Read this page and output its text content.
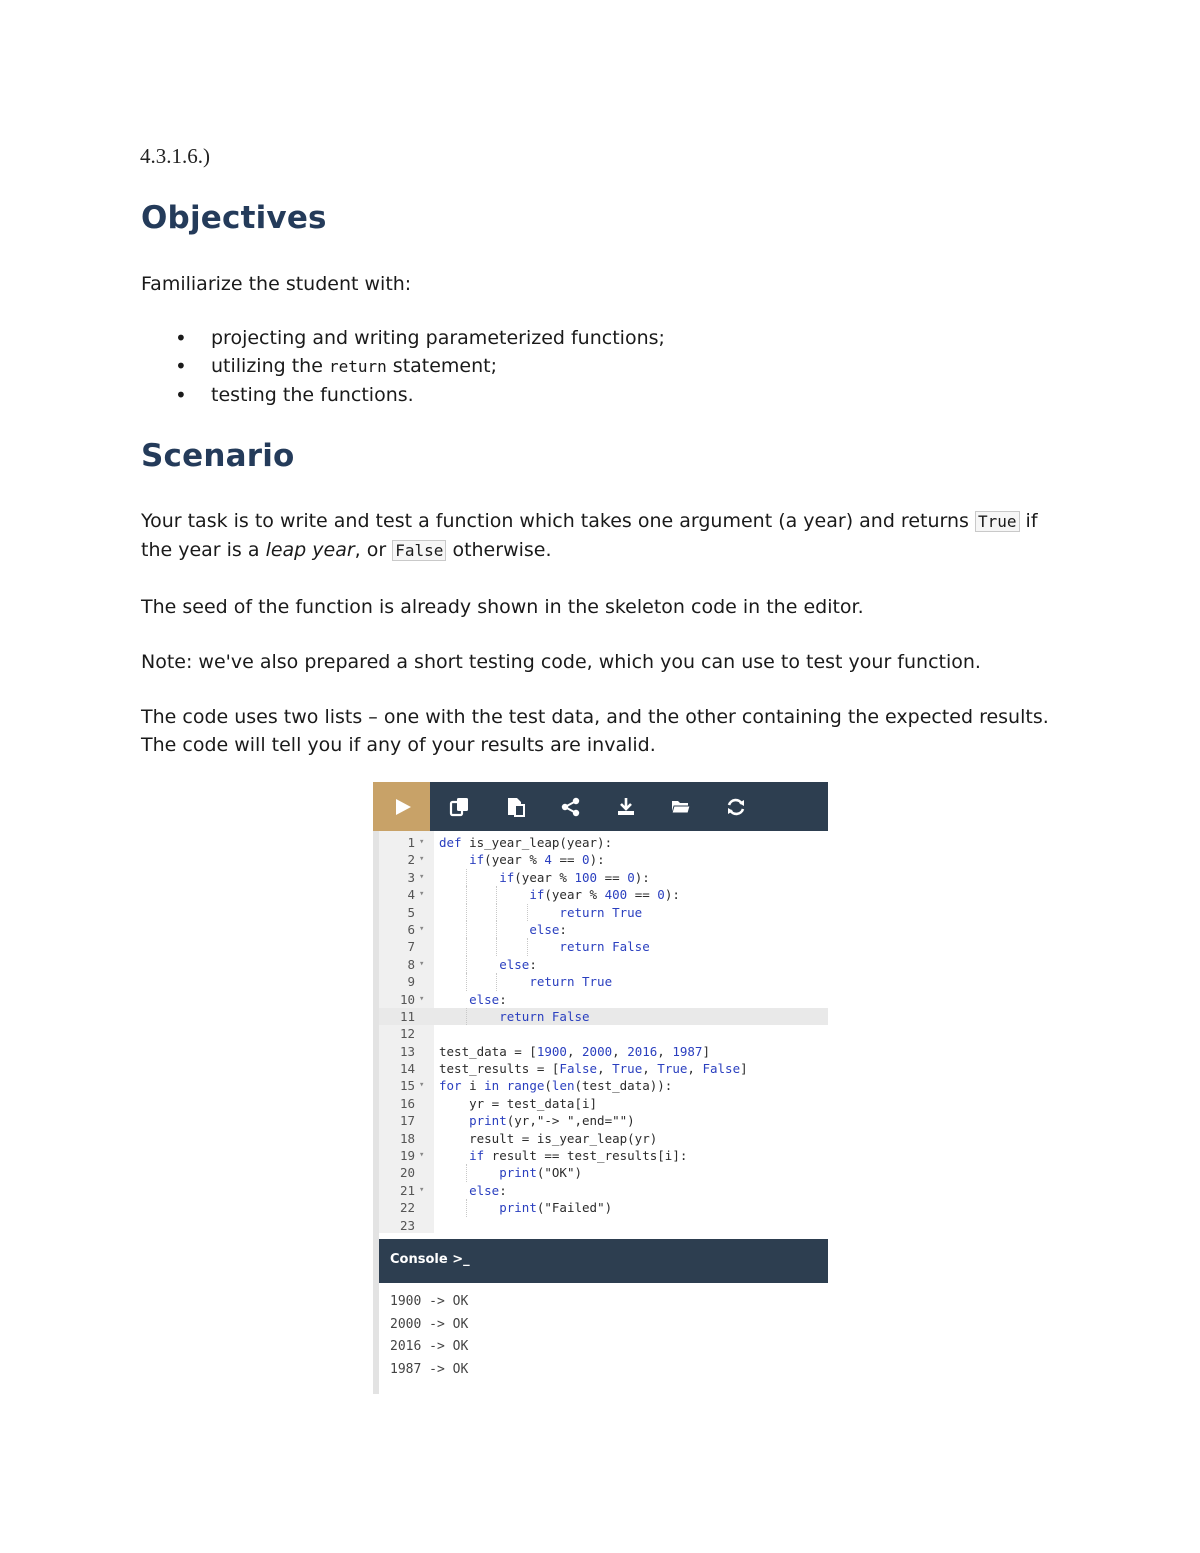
4.3.1.6.)
Objectives

Familiarize the student with:

• projecting and writing parameterized functions;
• utilizing the return statement;
• testing the functions.
Scenario

Your task is to write and test a function which takes one argument (a year) and returns True if the year is a leap year, or False otherwise.

The seed of the function is already shown in the skeleton code in the editor.

Note: we've also prepared a short testing code, which you can use to test your function.

The code uses two lists – one with the test data, and the other containing the expected results. The code will tell you if any of your results are invalid.

1 ▾ def is_year_leap(year):
2 ▾	if(year % 4 == 0):
3 ▾	if(year % 100 == 0):
4 ▾	if(year % 400 == 0):
5	return True
6 ▾	else:
7	return False
8 ▾	else:
9	return True
10 ▾	else:
11	return False
12
13 test_data = [1900, 2000, 2016, 1987]
14 test_results = [False, True, True, False]
15 ▾ for i in range(len(test_data)):
16 yr = test_data[i]
17	print(yr,"-> ",end="")
18 result = is_year_leap(yr)
19 ▾	if result == test_results[i]:
20	print("OK")
21 ▾	else:
22	print("Failed")
23
Console >_
1900 -> OK
2000 -> OK
2016 -> OK
1987 -> OK
